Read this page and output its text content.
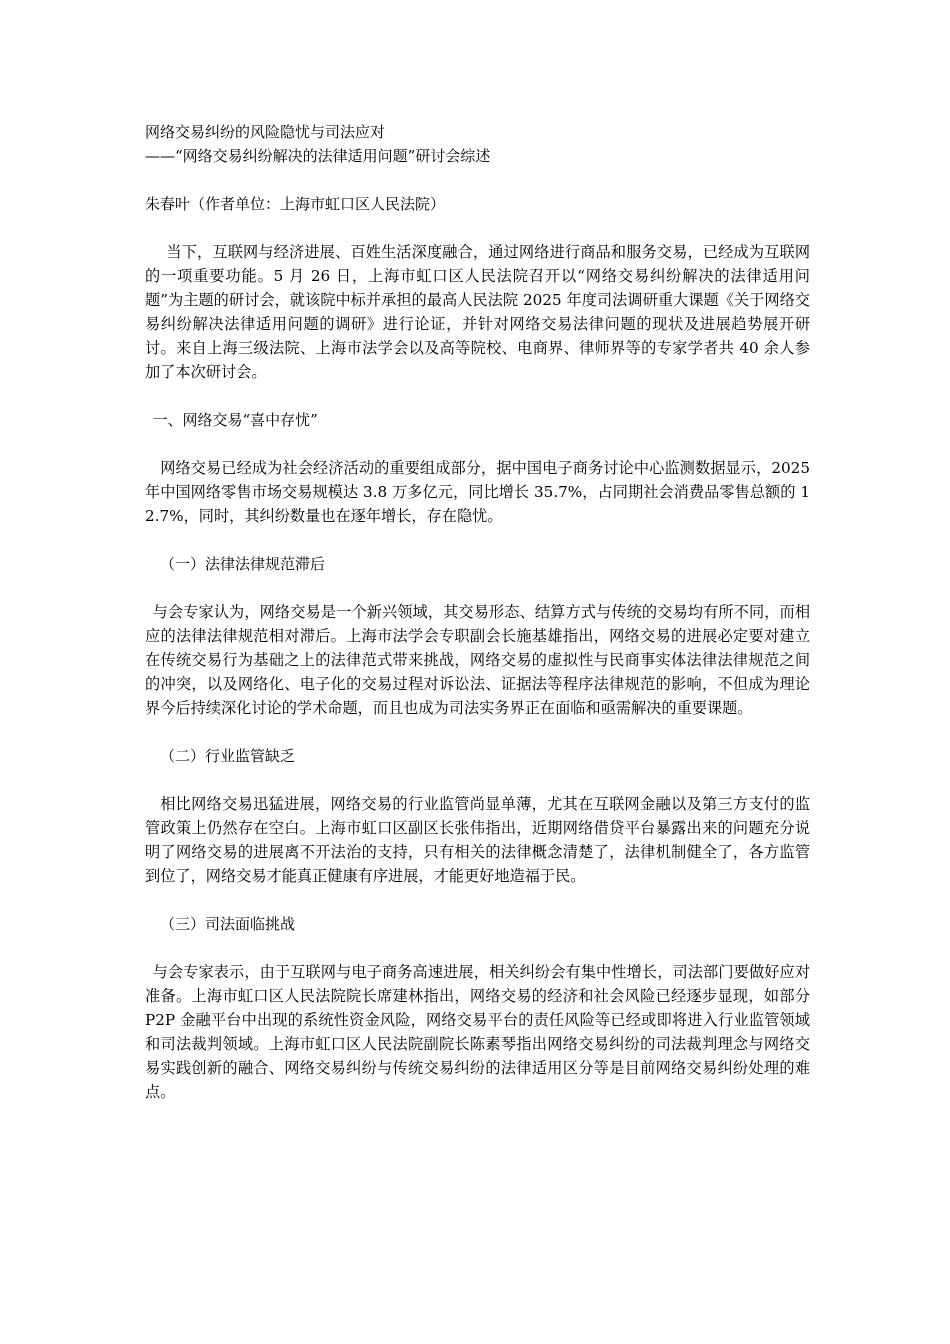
网络交易纠纷的风险隐忧与司法应对

——“网络交易纠纷解决的法律适用问题”研讨会综述

朱春叶（作者单位：上海市虹口区人民法院）

　当下，互联网与经济进展、百姓生活深度融合，通过网络进行商品和服务交易，已经成为互联网的一项重要功能。5 月 26 日，上海市虹口区人民法院召开以“网络交易纠纷解决的法律适用问题”为主题的研讨会，就该院中标并承担的最高人民法院 2025 年度司法调研重大课题《关于网络交易纠纷解决法律适用问题的调研》进行论证，并针对网络交易法律问题的现状及进展趋势展开研讨。来自上海三级法院、上海市法学会以及高等院校、电商界、律师界等的专家学者共 40 余人参加了本次研讨会。

一、网络交易“喜中存忧”

网络交易已经成为社会经济活动的重要组成部分，据中国电子商务讨论中心监测数据显示，2025 年中国网络零售市场交易规模达 3.8 万多亿元，同比增长 35.7%，占同期社会消费品零售总额的 12.7%，同时，其纠纷数量也在逐年增长，存在隐忧。

（一）法律法律规范滞后

与会专家认为，网络交易是一个新兴领域，其交易形态、结算方式与传统的交易均有所不同，而相应的法律法律规范相对滞后。上海市法学会专职副会长施基雄指出，网络交易的进展必定要对建立在传统交易行为基础之上的法律范式带来挑战，网络交易的虚拟性与民商事实体法律法律规范之间的冲突，以及网络化、电子化的交易过程对诉讼法、证据法等程序法律规范的影响，不但成为理论界今后持续深化讨论的学术命题，而且也成为司法实务界正在面临和亟需解决的重要课题。

（二）行业监管缺乏

相比网络交易迅猛进展，网络交易的行业监管尚显单薄，尤其在互联网金融以及第三方支付的监管政策上仍然存在空白。上海市虹口区副区长张伟指出，近期网络借贷平台暴露出来的问题充分说明了网络交易的进展离不开法治的支持，只有相关的法律概念清楚了，法律机制健全了，各方监管到位了，网络交易才能真正健康有序进展，才能更好地造福于民。

（三）司法面临挑战

与会专家表示，由于互联网与电子商务高速进展，相关纠纷会有集中性增长，司法部门要做好应对准备。上海市虹口区人民法院院长席建林指出，网络交易的经济和社会风险已经逐步显现，如部分 P2P 金融平台中出现的系统性资金风险，网络交易平台的责任风险等已经或即将进入行业监管领域和司法裁判领域。上海市虹口区人民法院副院长陈素琴指出网络交易纠纷的司法裁判理念与网络交易实践创新的融合、网络交易纠纷与传统交易纠纷的法律适用区分等是目前网络交易纠纷处理的难点。
